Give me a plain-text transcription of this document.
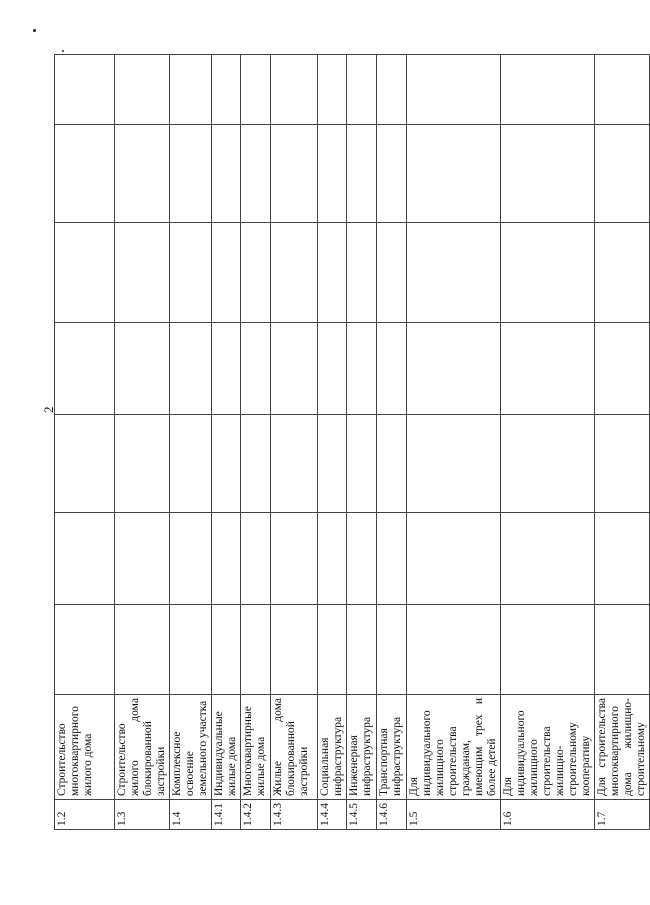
2
1.2	Строительство многоквартирного жилого дома							
1.3	Строительство жилого дома блокированной застройки							
1.4	Комплексное освоение земельного участка							
1.4.1	Индивидуальные жилые дома							
1.4.2	Многоквартирные жилые дома							
1.4.3	Жилые дома блокированной застройки							
1.4.4	Социальная инфраструктура							
1.4.5	Инженерная инфраструктура							
1.4.6	Транспортная инфраструктура							
1.5	Для индивидуального жилищного строительства гражданам, имеющим трех и более детей							
1.6	Для индивидуального жилищного строительства жилищно-строительному кооперативу							
1.7	Для строительства многоквартирного дома жилищно-строительному							
